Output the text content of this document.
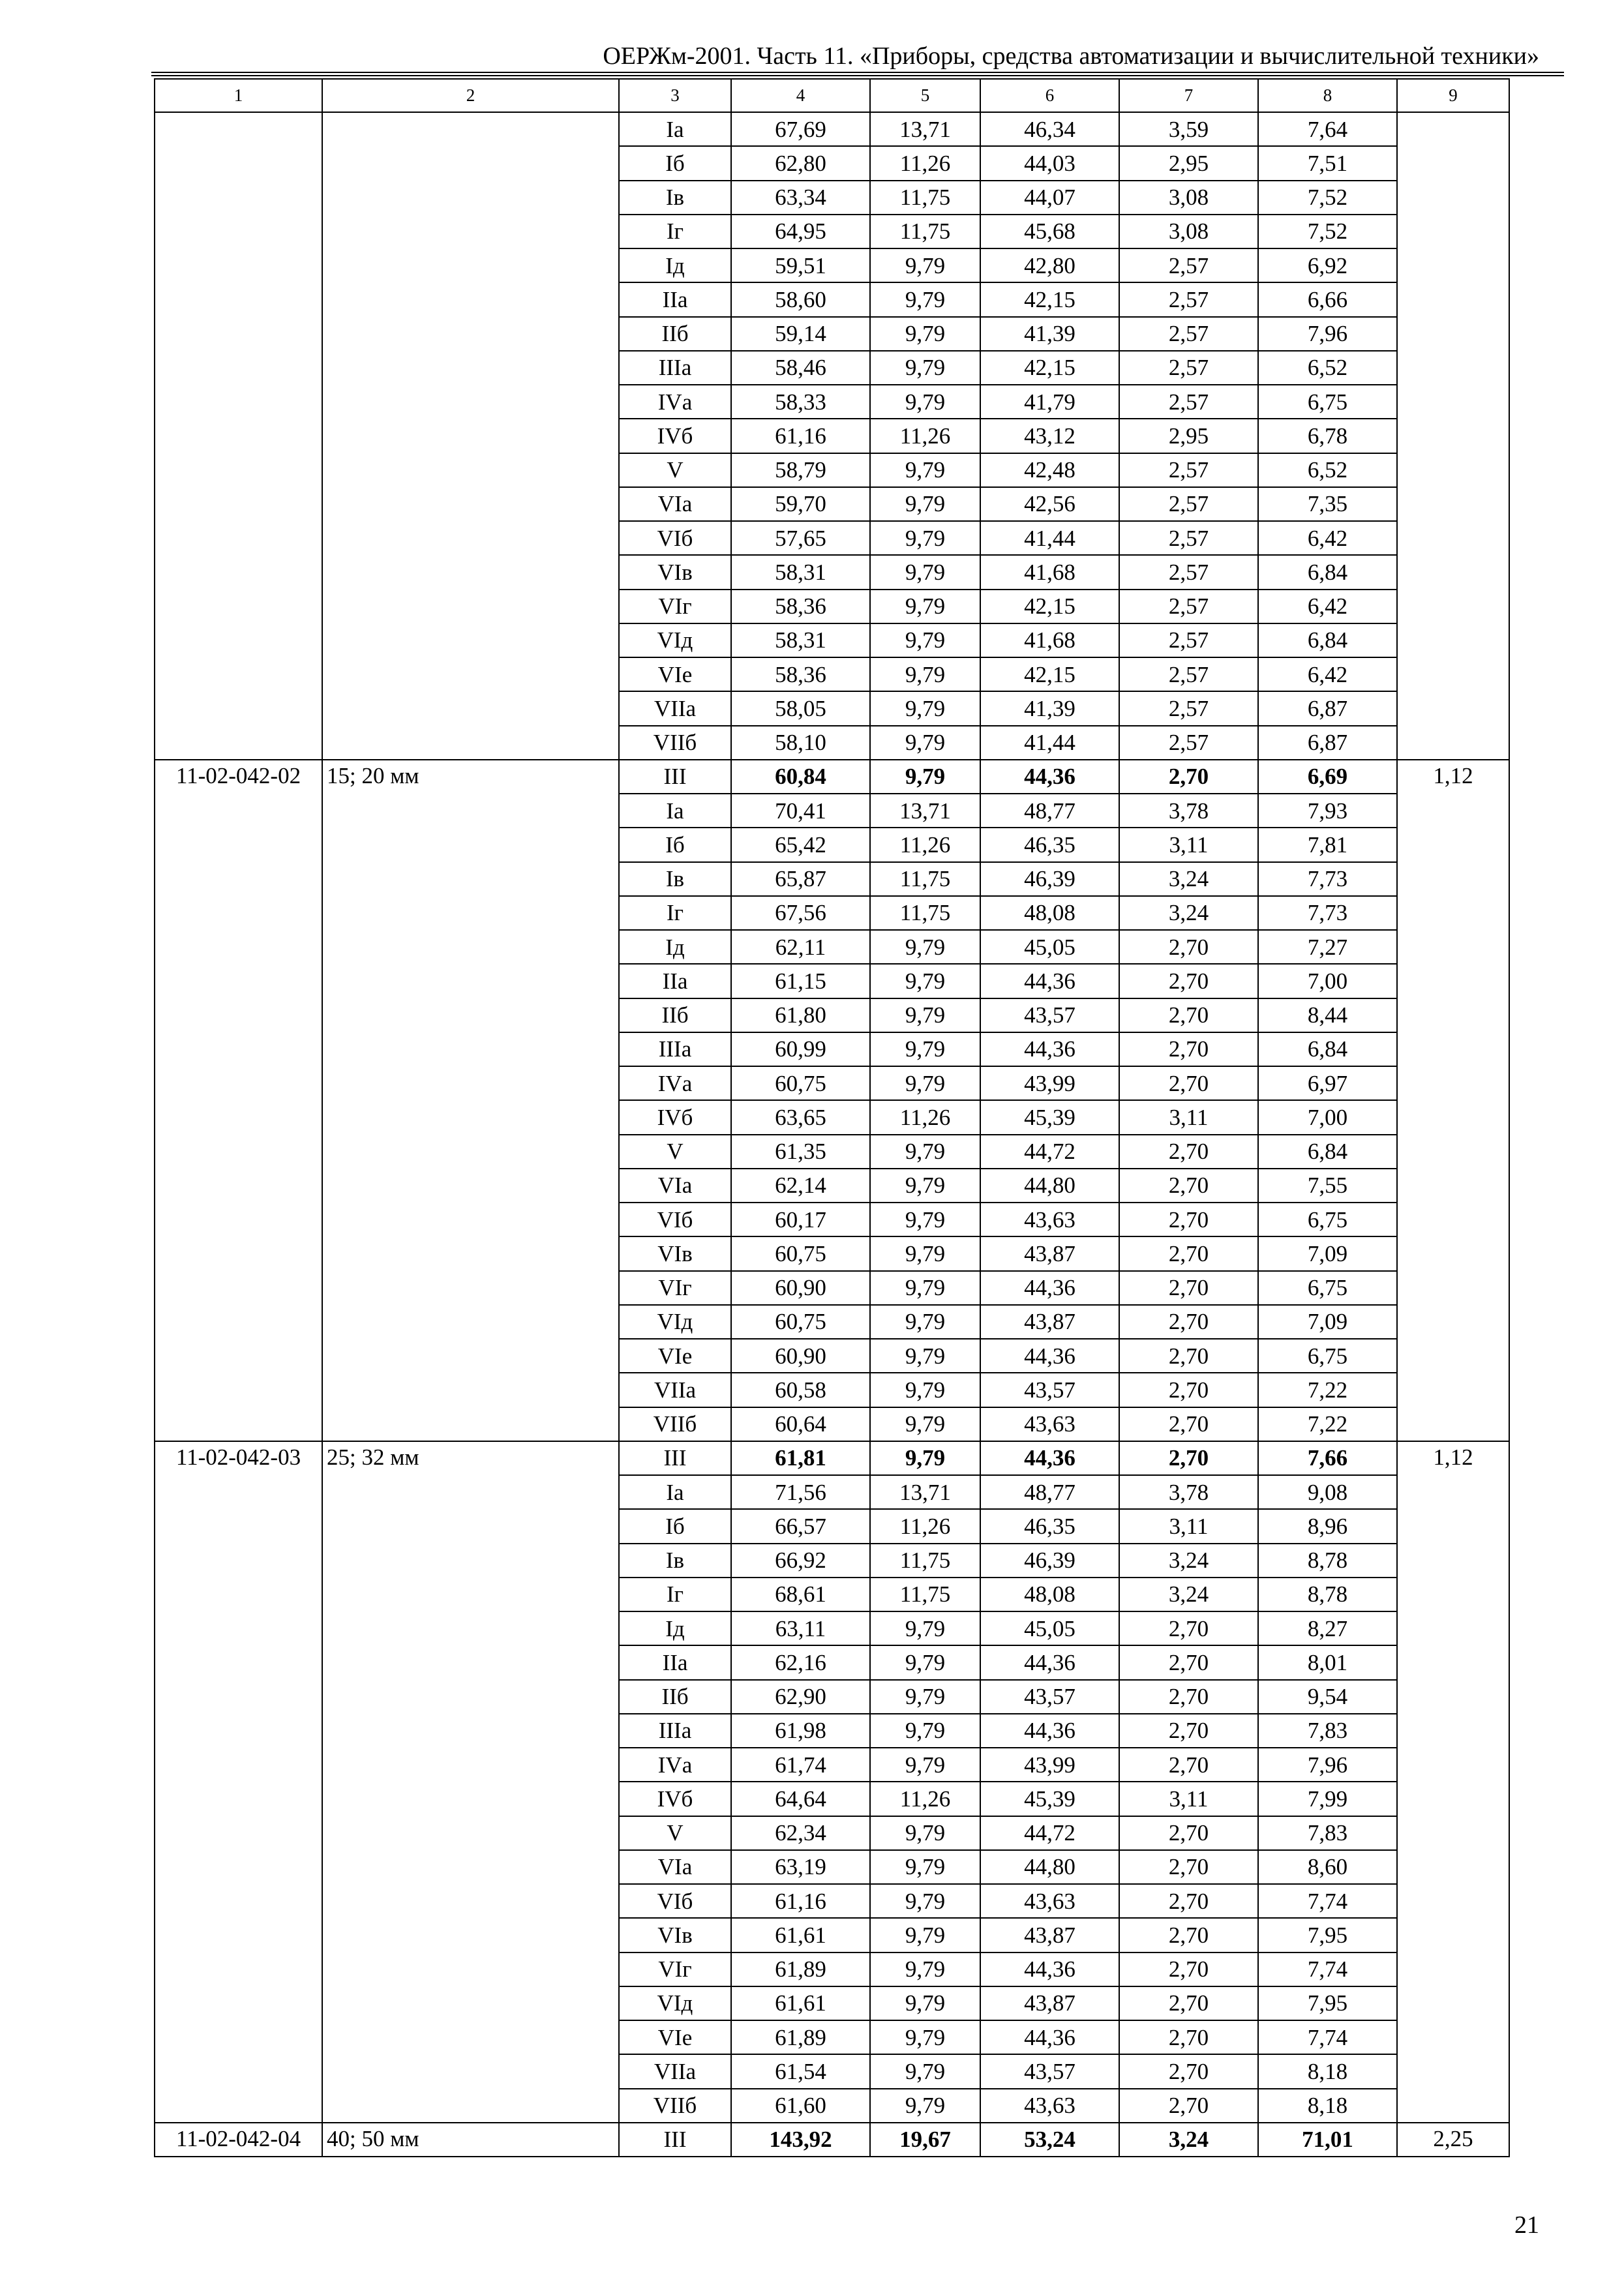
ОЕРЖм-2001. Часть 11. «Приборы, средства автоматизации и вычислительной техники»
1	2	3	4	5	6	7	8	9
		Iа	67,69	13,71	46,34	3,59	7,64	
		Iб	62,80	11,26	44,03	2,95	7,51	
		Iв	63,34	11,75	44,07	3,08	7,52	
		Iг	64,95	11,75	45,68	3,08	7,52	
		Iд	59,51	9,79	42,80	2,57	6,92	
		IIа	58,60	9,79	42,15	2,57	6,66	
		IIб	59,14	9,79	41,39	2,57	7,96	
		IIIа	58,46	9,79	42,15	2,57	6,52	
		IVа	58,33	9,79	41,79	2,57	6,75	
		IVб	61,16	11,26	43,12	2,95	6,78	
		V	58,79	9,79	42,48	2,57	6,52	
		VIа	59,70	9,79	42,56	2,57	7,35	
		VIб	57,65	9,79	41,44	2,57	6,42	
		VIв	58,31	9,79	41,68	2,57	6,84	
		VIг	58,36	9,79	42,15	2,57	6,42	
		VIд	58,31	9,79	41,68	2,57	6,84	
		VIе	58,36	9,79	42,15	2,57	6,42	
		VIIа	58,05	9,79	41,39	2,57	6,87	
		VIIб	58,10	9,79	41,44	2,57	6,87	
11-02-042-02	15; 20 мм	III	60,84	9,79	44,36	2,70	6,69	1,12
		Iа	70,41	13,71	48,77	3,78	7,93	
		Iб	65,42	11,26	46,35	3,11	7,81	
		Iв	65,87	11,75	46,39	3,24	7,73	
		Iг	67,56	11,75	48,08	3,24	7,73	
		Iд	62,11	9,79	45,05	2,70	7,27	
		IIа	61,15	9,79	44,36	2,70	7,00	
		IIб	61,80	9,79	43,57	2,70	8,44	
		IIIа	60,99	9,79	44,36	2,70	6,84	
		IVа	60,75	9,79	43,99	2,70	6,97	
		IVб	63,65	11,26	45,39	3,11	7,00	
		V	61,35	9,79	44,72	2,70	6,84	
		VIа	62,14	9,79	44,80	2,70	7,55	
		VIб	60,17	9,79	43,63	2,70	6,75	
		VIв	60,75	9,79	43,87	2,70	7,09	
		VIг	60,90	9,79	44,36	2,70	6,75	
		VIд	60,75	9,79	43,87	2,70	7,09	
		VIе	60,90	9,79	44,36	2,70	6,75	
		VIIа	60,58	9,79	43,57	2,70	7,22	
		VIIб	60,64	9,79	43,63	2,70	7,22	
11-02-042-03	25; 32 мм	III	61,81	9,79	44,36	2,70	7,66	1,12
		Iа	71,56	13,71	48,77	3,78	9,08	
		Iб	66,57	11,26	46,35	3,11	8,96	
		Iв	66,92	11,75	46,39	3,24	8,78	
		Iг	68,61	11,75	48,08	3,24	8,78	
		Iд	63,11	9,79	45,05	2,70	8,27	
		IIа	62,16	9,79	44,36	2,70	8,01	
		IIб	62,90	9,79	43,57	2,70	9,54	
		IIIа	61,98	9,79	44,36	2,70	7,83	
		IVа	61,74	9,79	43,99	2,70	7,96	
		IVб	64,64	11,26	45,39	3,11	7,99	
		V	62,34	9,79	44,72	2,70	7,83	
		VIа	63,19	9,79	44,80	2,70	8,60	
		VIб	61,16	9,79	43,63	2,70	7,74	
		VIв	61,61	9,79	43,87	2,70	7,95	
		VIг	61,89	9,79	44,36	2,70	7,74	
		VIд	61,61	9,79	43,87	2,70	7,95	
		VIе	61,89	9,79	44,36	2,70	7,74	
		VIIа	61,54	9,79	43,57	2,70	8,18	
		VIIб	61,60	9,79	43,63	2,70	8,18	
11-02-042-04	40; 50 мм	III	143,92	19,67	53,24	3,24	71,01	2,25
21
